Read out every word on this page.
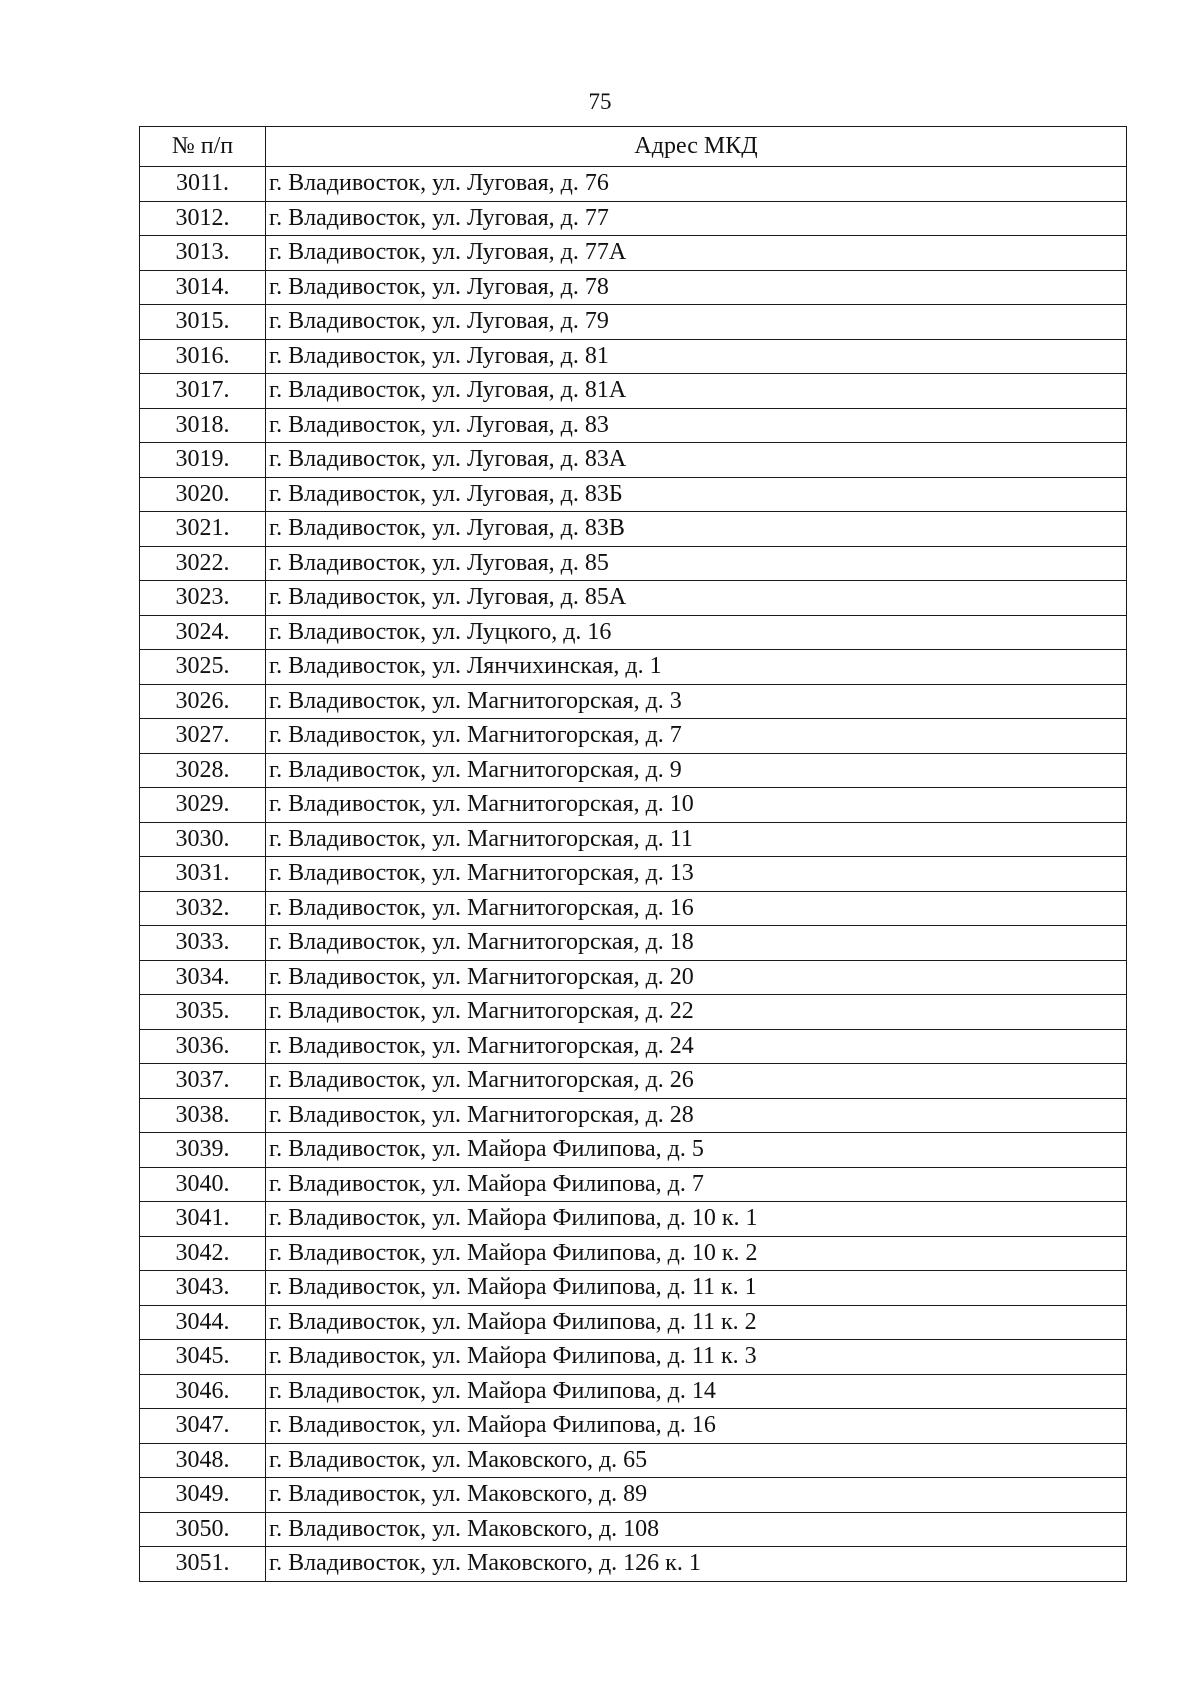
75
№ п/п	Адрес МКД
3011.	г. Владивосток, ул. Луговая, д. 76
3012.	г. Владивосток, ул. Луговая, д. 77
3013.	г. Владивосток, ул. Луговая, д. 77А
3014.	г. Владивосток, ул. Луговая, д. 78
3015.	г. Владивосток, ул. Луговая, д. 79
3016.	г. Владивосток, ул. Луговая, д. 81
3017.	г. Владивосток, ул. Луговая, д. 81А
3018.	г. Владивосток, ул. Луговая, д. 83
3019.	г. Владивосток, ул. Луговая, д. 83А
3020.	г. Владивосток, ул. Луговая, д. 83Б
3021.	г. Владивосток, ул. Луговая, д. 83В
3022.	г. Владивосток, ул. Луговая, д. 85
3023.	г. Владивосток, ул. Луговая, д. 85А
3024.	г. Владивосток, ул. Луцкого, д. 16
3025.	г. Владивосток, ул. Лянчихинская, д. 1
3026.	г. Владивосток, ул. Магнитогорская, д. 3
3027.	г. Владивосток, ул. Магнитогорская, д. 7
3028.	г. Владивосток, ул. Магнитогорская, д. 9
3029.	г. Владивосток, ул. Магнитогорская, д. 10
3030.	г. Владивосток, ул. Магнитогорская, д. 11
3031.	г. Владивосток, ул. Магнитогорская, д. 13
3032.	г. Владивосток, ул. Магнитогорская, д. 16
3033.	г. Владивосток, ул. Магнитогорская, д. 18
3034.	г. Владивосток, ул. Магнитогорская, д. 20
3035.	г. Владивосток, ул. Магнитогорская, д. 22
3036.	г. Владивосток, ул. Магнитогорская, д. 24
3037.	г. Владивосток, ул. Магнитогорская, д. 26
3038.	г. Владивосток, ул. Магнитогорская, д. 28
3039.	г. Владивосток, ул. Майора Филипова, д. 5
3040.	г. Владивосток, ул. Майора Филипова, д. 7
3041.	г. Владивосток, ул. Майора Филипова, д. 10 к. 1
3042.	г. Владивосток, ул. Майора Филипова, д. 10 к. 2
3043.	г. Владивосток, ул. Майора Филипова, д. 11 к. 1
3044.	г. Владивосток, ул. Майора Филипова, д. 11 к. 2
3045.	г. Владивосток, ул. Майора Филипова, д. 11 к. 3
3046.	г. Владивосток, ул. Майора Филипова, д. 14
3047.	г. Владивосток, ул. Майора Филипова, д. 16
3048.	г. Владивосток, ул. Маковского, д. 65
3049.	г. Владивосток, ул. Маковского, д. 89
3050.	г. Владивосток, ул. Маковского, д. 108
3051.	г. Владивосток, ул. Маковского, д. 126 к. 1
